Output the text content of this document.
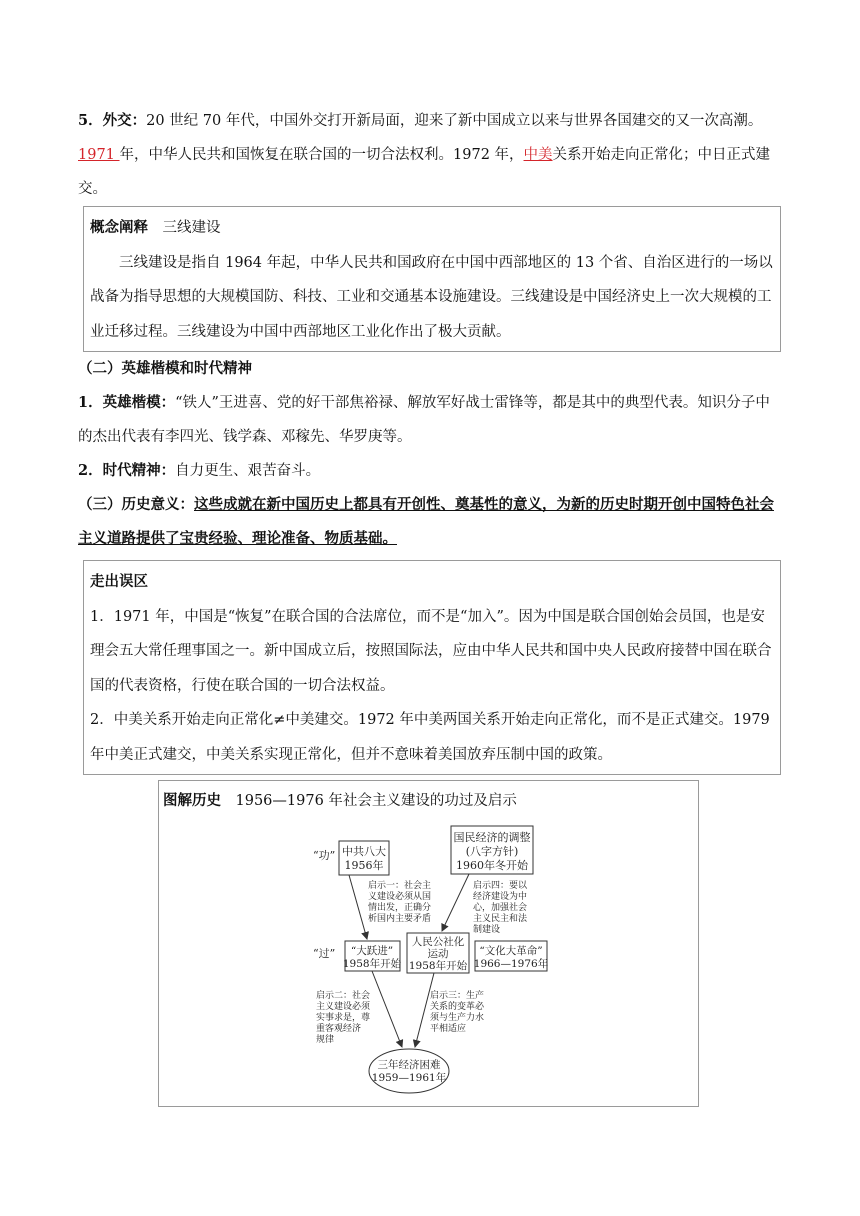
5．外交：20 世纪 70 年代，中国外交打开新局面，迎来了新中国成立以来与世界各国建交的又一次高潮。1971 年，中华人民共和国恢复在联合国的一切合法权利。1972 年，中美关系开始走向正常化；中日正式建交。

概念阐释　 三线建设

三线建设是指自 1964 年起，中华人民共和国政府在中国中西部地区的 13 个省、自治区进行的一场以战备为指导思想的大规模国防、科技、工业和交通基本设施建设。三线建设是中国经济史上一次大规模的工业迁移过程。三线建设为中国中西部地区工业化作出了极大贡献。

（二）英雄楷模和时代精神

1．英雄楷模：“铁人”王进喜、党的好干部焦裕禄、解放军好战士雷锋等，都是其中的典型代表。知识分子中的杰出代表有李四光、钱学森、邓稼先、华罗庚等。

2．时代精神：自力更生、艰苦奋斗。

（三）历史意义：这些成就在新中国历史上都具有开创性、奠基性的意义，为新的历史时期开创中国特色社会主义道路提供了宝贵经验、理论准备、物质基础。

走出误区

1．1971 年，中国是“恢复”在联合国的合法席位，而不是“加入”。因为中国是联合国创始会员国，也是安理会五大常任理事国之一。新中国成立后，按照国际法，应由中华人民共和国中央人民政府接替中国在联合国的代表资格，行使在联合国的一切合法权益。

2．中美关系开始走向正常化≠中美建交。1972 年中美两国关系开始走向正常化，而不是正式建交。1979 年中美正式建交，中美关系实现正常化，但并不意味着美国放弃压制中国的政策。

图解历史　 1956—1976 年社会主义建设的功过及启示
“功”
“过”
中共八大
1956年
国民经济的调整
(八字方针)
1960年冬开始
“大跃进”
1958年开始
人民公社化
运动
1958年开始
“文化大革命”
1966—1976年
三年经济困难
1959—1961年
启示一：社会主
义建设必须从国
情出发，正确分
析国内主要矛盾
启示二：社会
主义建设必须
实事求是，尊
重客观经济
规律
启示三：生产
关系的变革必
须与生产力水
平相适应
启示四：要以
经济建设为中
心，加强社会
主义民主和法
制建设
